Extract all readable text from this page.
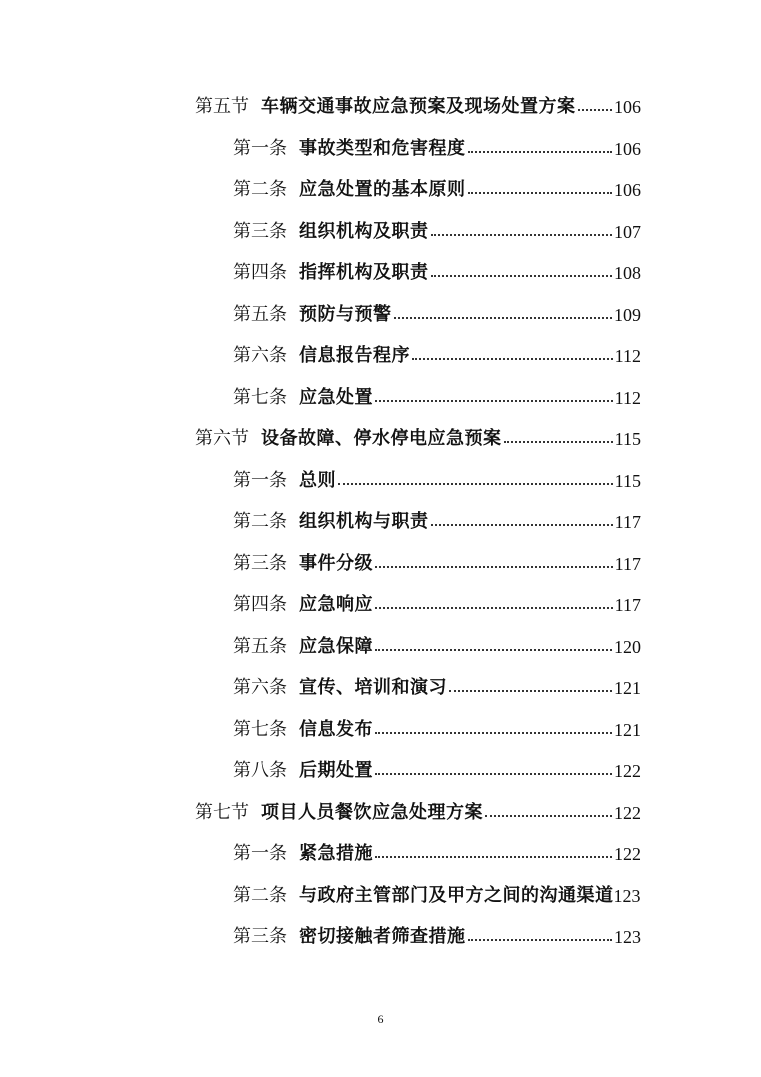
第五节 车辆交通事故应急预案及现场处置方案 106
第一条 事故类型和危害程度	106
第二条 应急处置的基本原则	106
第三条 组织机构及职责	107
第四条 指挥机构及职责	108
第五条 预防与预警	109
第六条 信息报告程序	112
第七条 应急处置	112
第六节 设备故障、停水停电应急预案	115
第一条 总则	115
第二条 组织机构与职责	117
第三条 事件分级	117
第四条 应急响应	117
第五条 应急保障	120
第六条 宣传、培训和演习	121
第七条 信息发布	121
第八条 后期处置	122
第七节 项目人员餐饮应急处理方案	122
第一条 紧急措施	122
第二条 与政府主管部门及甲方之间的沟通渠道 123
第三条 密切接触者筛查措施	123
6
